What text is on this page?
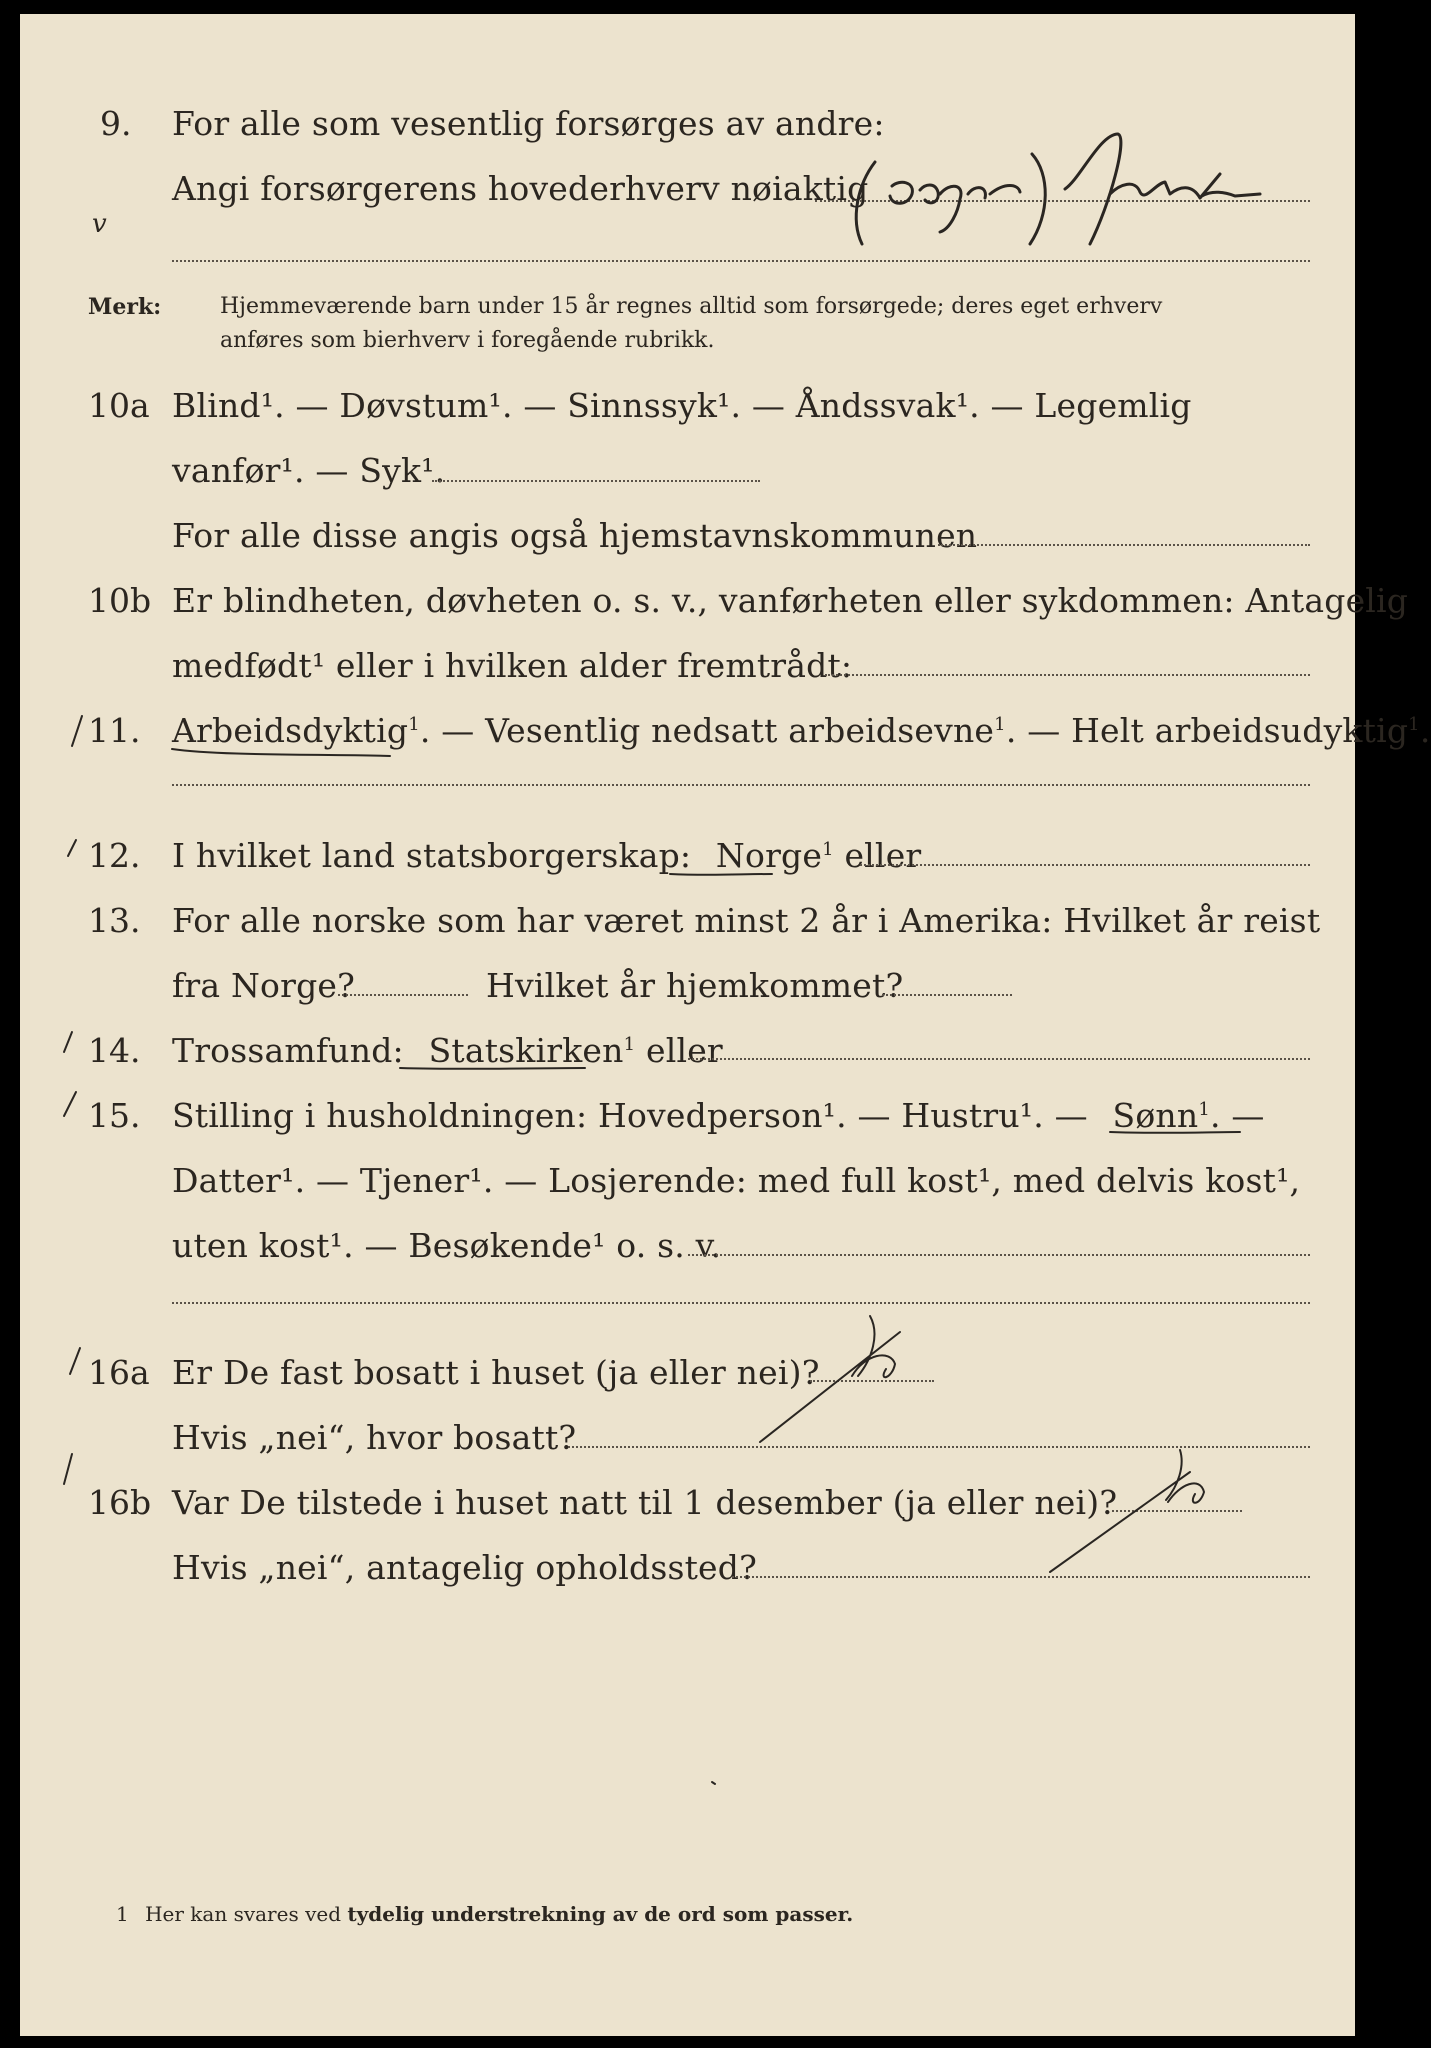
9. For alle som vesentlig forsørges av andre:
Angi forsørgerens hovederhverv nøiaktig
v
Merk:	Hjemmeværende barn under 15 år regnes alltid som forsørgede; deres eget erhverv
anføres som bierhverv i foregående rubrikk.
10a Blind¹. — Døvstum¹. — Sinnssyk¹. — Åndssvak¹. — Legemlig
vanfør¹. — Syk¹.
For alle disse angis også hjemstavnskommunen
10b Er blindheten, døvheten o. s. v., vanførheten eller sykdommen: Antagelig
medfødt¹ eller i hvilken alder fremtrådt:
11. Arbeidsdyktig$^1$. — Vesentlig nedsatt arbeidsevne$^1$. — Helt arbeidsudyktig$^1$.
12. I hvilket land statsborgerskap: Norge$^1$ eller
13. For alle norske som har været minst 2 år i Amerika: Hvilket år reist
fra Norge?	Hvilket år hjemkommet?
14. Trossamfund: Statskirken$^1$ eller
15. Stilling i husholdningen: Hovedperson¹. — Hustru¹. — Sønn$^1$. —
Datter¹. — Tjener¹. — Losjerende: med full kost¹, med delvis kost¹,
uten kost¹. — Besøkende¹ o. s. v.
16a Er De fast bosatt i huset (ja eller nei)?
Hvis „nei“, hvor bosatt?
16b Var De tilstede i huset natt til 1 desember (ja eller nei)?
Hvis „nei“, antagelig opholdssted?
1 Her kan svares ved tydelig understrekning av de ord som passer.
